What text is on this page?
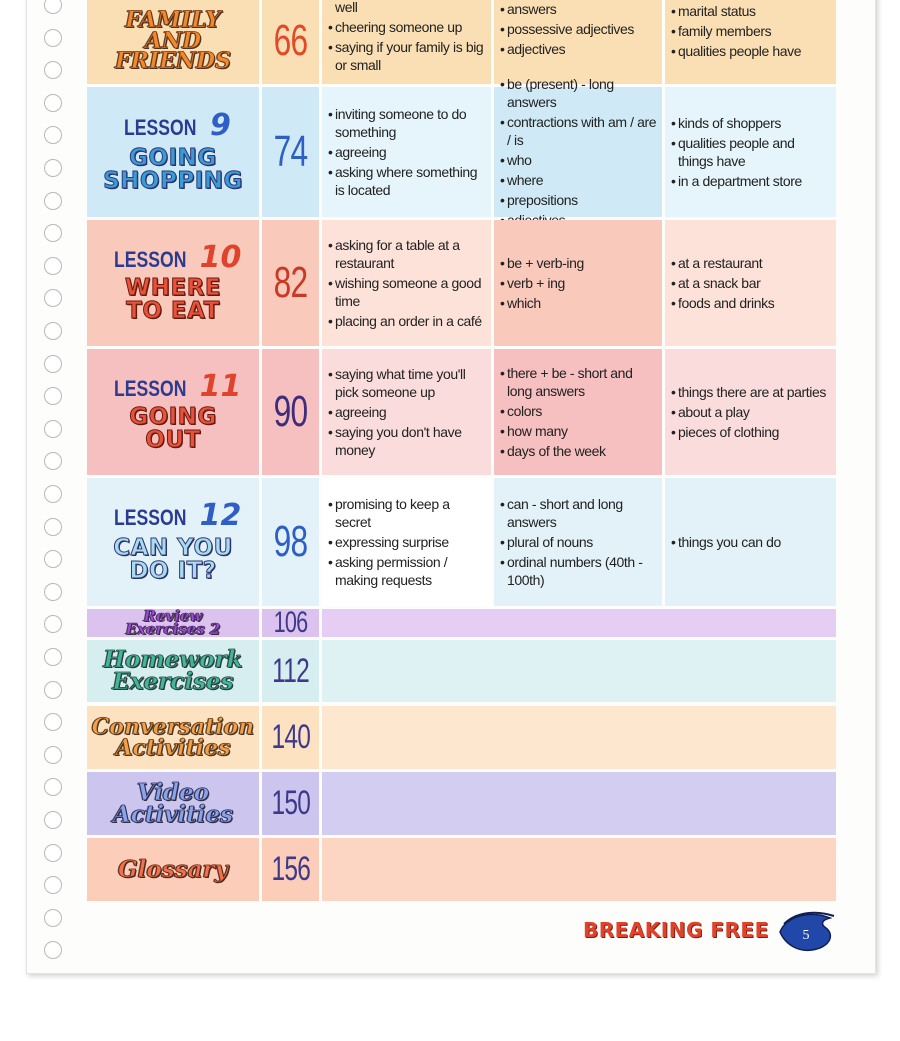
FAMILY
AND
FRIENDS 66
• well
• cheering someone up
• saying if your family is big or small
• answers
• possessive adjectives
• adjectives
• marital status
• family members
• qualities people have
LESSON 9
GOING
SHOPPING
74
• inviting someone to do something
• agreeing
• asking where something is located
• be (present) - long answers
• contractions with am / are / is
• who
• where
• prepositions
•
• kinds of shoppers
• qualities people and things have
• in a department store
LESSON 10
WHERE
TO EAT
82
• asking for a table at a restaurant
• wishing someone a good time
• placing an order in a café
• be + verb-ing
• verb + ing
• which
• at a restaurant
• at a snack bar
• foods and drinks
LESSON 11
GOING
OUT
90
• saying what time you'll pick someone up
• agreeing
• saying you don't have money
• there + be - short and long answers
• colors
• how many
• days of the week
• things there are at parties
• about a play
• pieces of clothing
LESSON 12
CAN YOU
DO IT?
98
• promising to keep a secret
• expressing surprise
• asking permission / making requests
• can - short and long answers
• plural of nouns
• ordinal numbers (40th - 100th)
• things you can do
Review
Exercises 2 106
Homework
Exercises 112
Conversation
Activities	140
Video
Activities 150
Glossary 156
BREAKING FREE 5
